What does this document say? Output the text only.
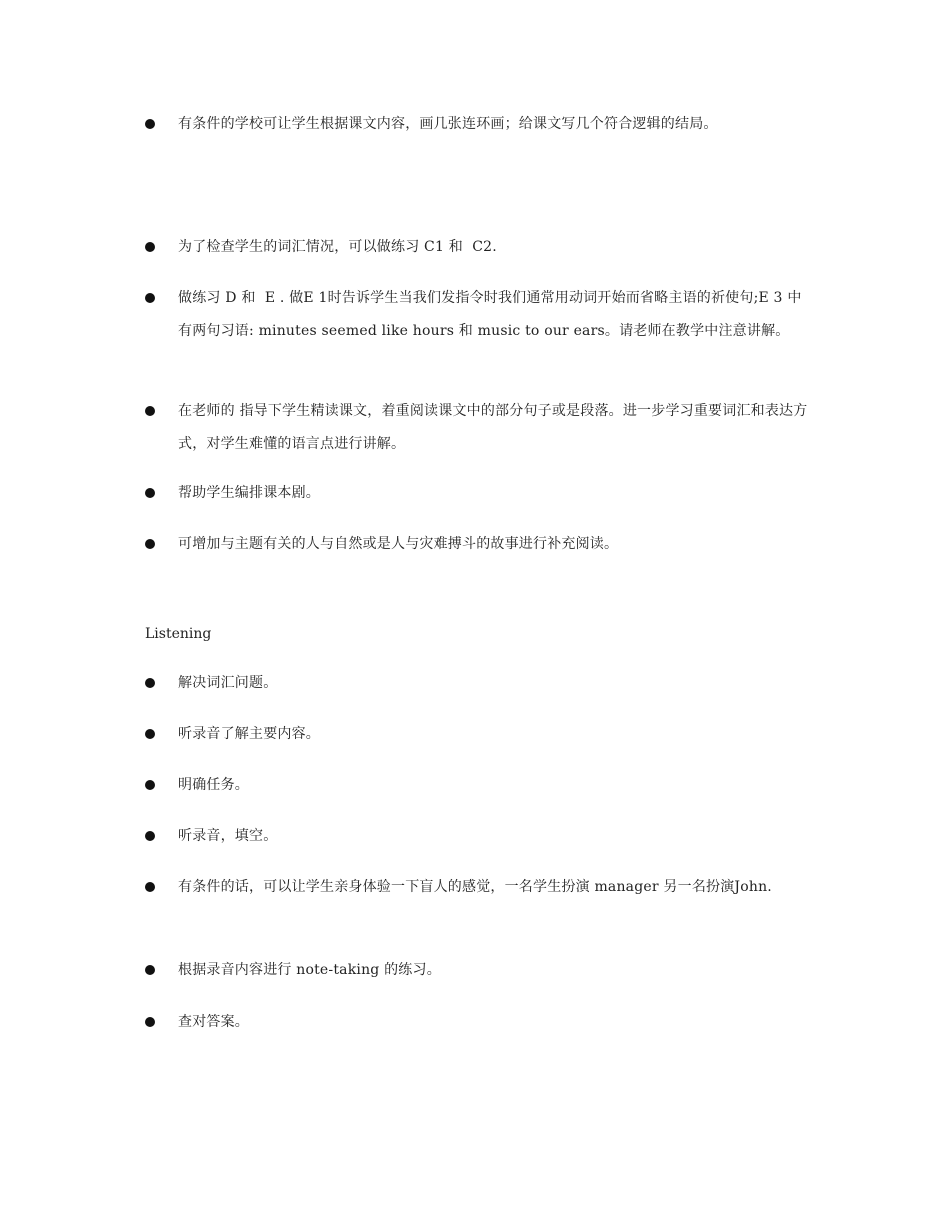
有条件的学校可让学生根据课文内容，画几张连环画；给课文写几个符合逻辑的结局。
为了检查学生的词汇情况，可以做练习 C1 和  C2.
做练习 D 和  E . 做E 1时告诉学生当我们发指令时我们通常用动词开始而省略主语的祈使句;E 3 中有两句习语: minutes seemed like hours 和 music to our ears。请老师在教学中注意讲解。
在老师的 指导下学生精读课文，着重阅读课文中的部分句子或是段落。进一步学习重要词汇和表达方式，对学生难懂的语言点进行讲解。
帮助学生编排课本剧。
可增加与主题有关的人与自然或是人与灾难搏斗的故事进行补充阅读。
Listening
解决词汇问题。
听录音了解主要内容。
明确任务。
听录音，填空。
有条件的话，可以让学生亲身体验一下盲人的感觉，一名学生扮演 manager 另一名扮演John.
根据录音内容进行 note-taking 的练习。
查对答案。
